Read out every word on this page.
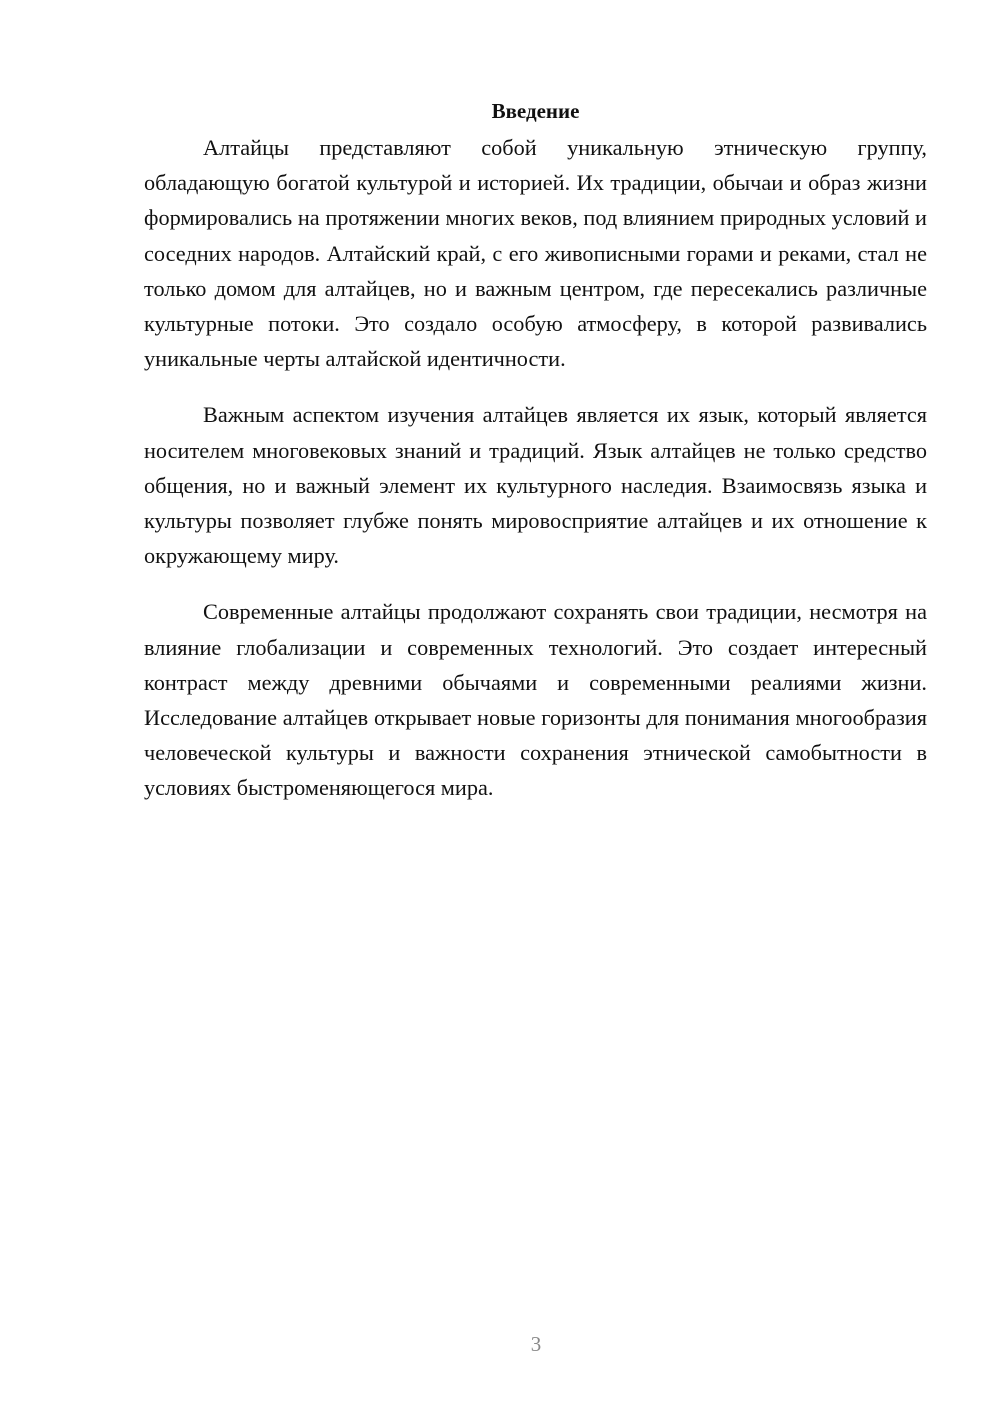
Введение

Алтайцы представляют собой уникальную этническую группу, обладающую богатой культурой и историей. Их традиции, обычаи и образ жизни формировались на протяжении многих веков, под влиянием природных условий и соседних народов. Алтайский край, с его живописными горами и реками, стал не только домом для алтайцев, но и важным центром, где пересекались различные культурные потоки. Это создало особую атмосферу, в которой развивались уникальные черты алтайской идентичности.

Важным аспектом изучения алтайцев является их язык, который является носителем многовековых знаний и традиций. Язык алтайцев не только средство общения, но и важный элемент их культурного наследия. Взаимосвязь языка и культуры позволяет глубже понять мировосприятие алтайцев и их отношение к окружающему миру.

Современные алтайцы продолжают сохранять свои традиции, несмотря на влияние глобализации и современных технологий. Это создает интересный контраст между древними обычаями и современными реалиями жизни. Исследование алтайцев открывает новые горизонты для понимания многообразия человеческой культуры и важности сохранения этнической самобытности в условиях быстроменяющегося мира.

3
